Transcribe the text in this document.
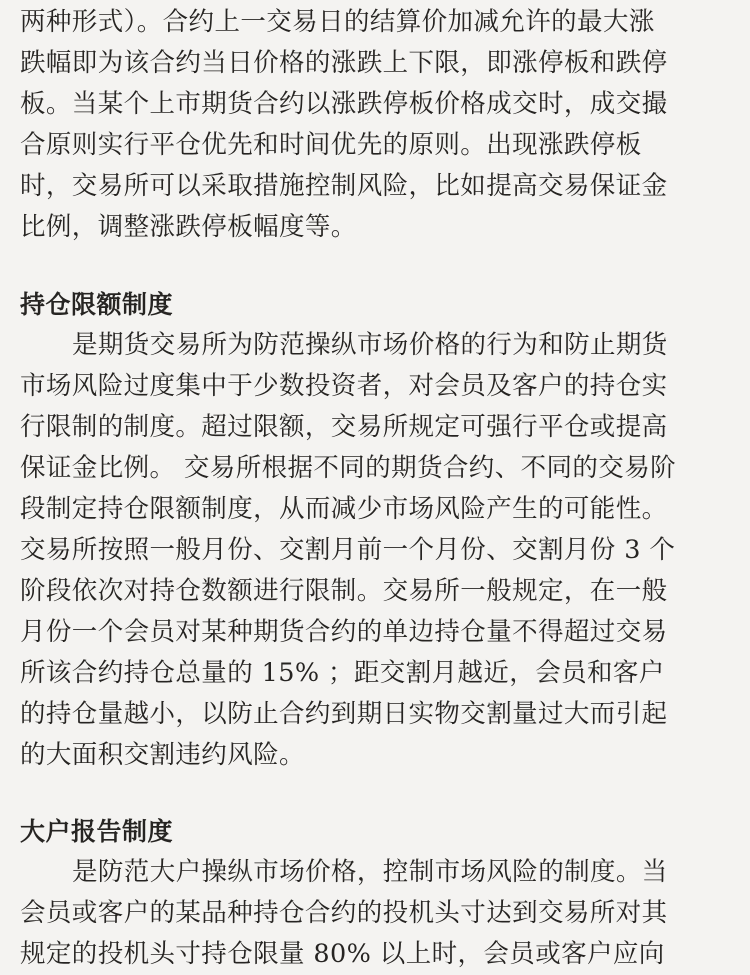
两种形式）。合约上一交易日的结算价加减允许的最大涨
跌幅即为该合约当日价格的涨跌上下限，即涨停板和跌停
板。当某个上市期货合约以涨跌停板价格成交时，成交撮
合原则实行平仓优先和时间优先的原则。出现涨跌停板
时，交易所可以采取措施控制风险，比如提高交易保证金
比例，调整涨跌停板幅度等。
持仓限额制度
是期货交易所为防范操纵市场价格的行为和防止期货
市场风险过度集中于少数投资者，对会员及客户的持仓实
行限制的制度。超过限额，交易所规定可强行平仓或提高
保证金比例。 交易所根据不同的期货合约、不同的交易阶
段制定持仓限额制度，从而减少市场风险产生的可能性。
交易所按照一般月份、交割月前一个月份、交割月份 3 个
阶段依次对持仓数额进行限制。交易所一般规定，在一般
月份一个会员对某种期货合约的单边持仓量不得超过交易
所该合约持仓总量的 15% ；距交割月越近，会员和客户
的持仓量越小，以防止合约到期日实物交割量过大而引起
的大面积交割违约风险。
大户报告制度
是防范大户操纵市场价格，控制市场风险的制度。当
会员或客户的某品种持仓合约的投机头寸达到交易所对其
规定的投机头寸持仓限量 80% 以上时，会员或客户应向
